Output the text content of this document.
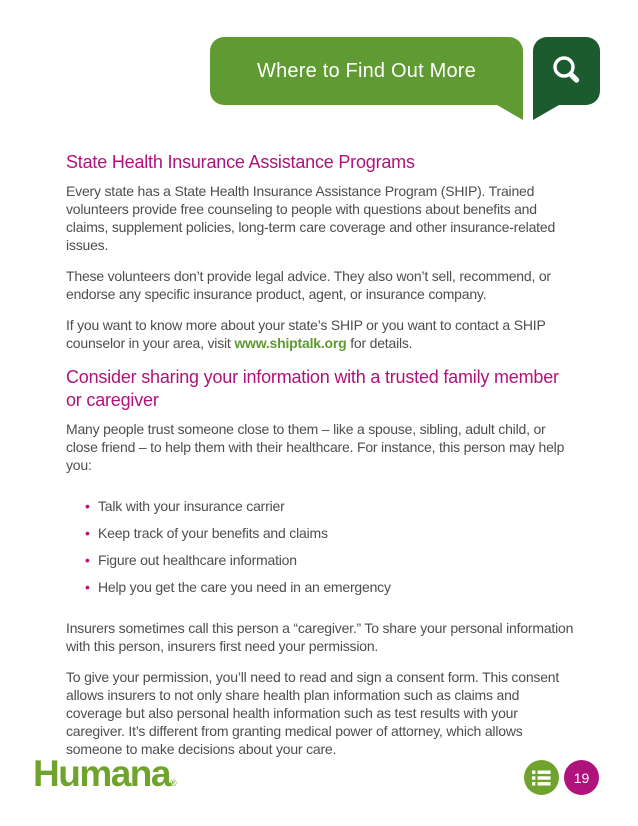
Where to Find Out More
State Health Insurance Assistance Programs

Every state has a State Health Insurance Assistance Program (SHIP). Trained volunteers provide free counseling to people with questions about benefits and claims, supplement policies, long-term care coverage and other insurance-related issues.

These volunteers don’t provide legal advice. They also won’t sell, recommend, or endorse any specific insurance product, agent, or insurance company.

If you want to know more about your state’s SHIP or you want to contact a SHIP counselor in your area, visit www.shiptalk.org for details.

Consider sharing your information with a trusted family member or caregiver

Many people trust someone close to them – like a spouse, sibling, adult child, or close friend – to help them with their healthcare. For instance, this person may help you:

• Talk with your insurance carrier
• Keep track of your benefits and claims
• Figure out healthcare information
• Help you get the care you need in an emergency

Insurers sometimes call this person a “caregiver.” To share your personal information with this person, insurers first need your permission.

To give your permission, you’ll need to read and sign a consent form. This consent allows insurers to not only share health plan information such as claims and coverage but also personal health information such as test results with your caregiver. It’s different from granting medical power of attorney, which allows someone to make decisions about your care.

Humana®	19
